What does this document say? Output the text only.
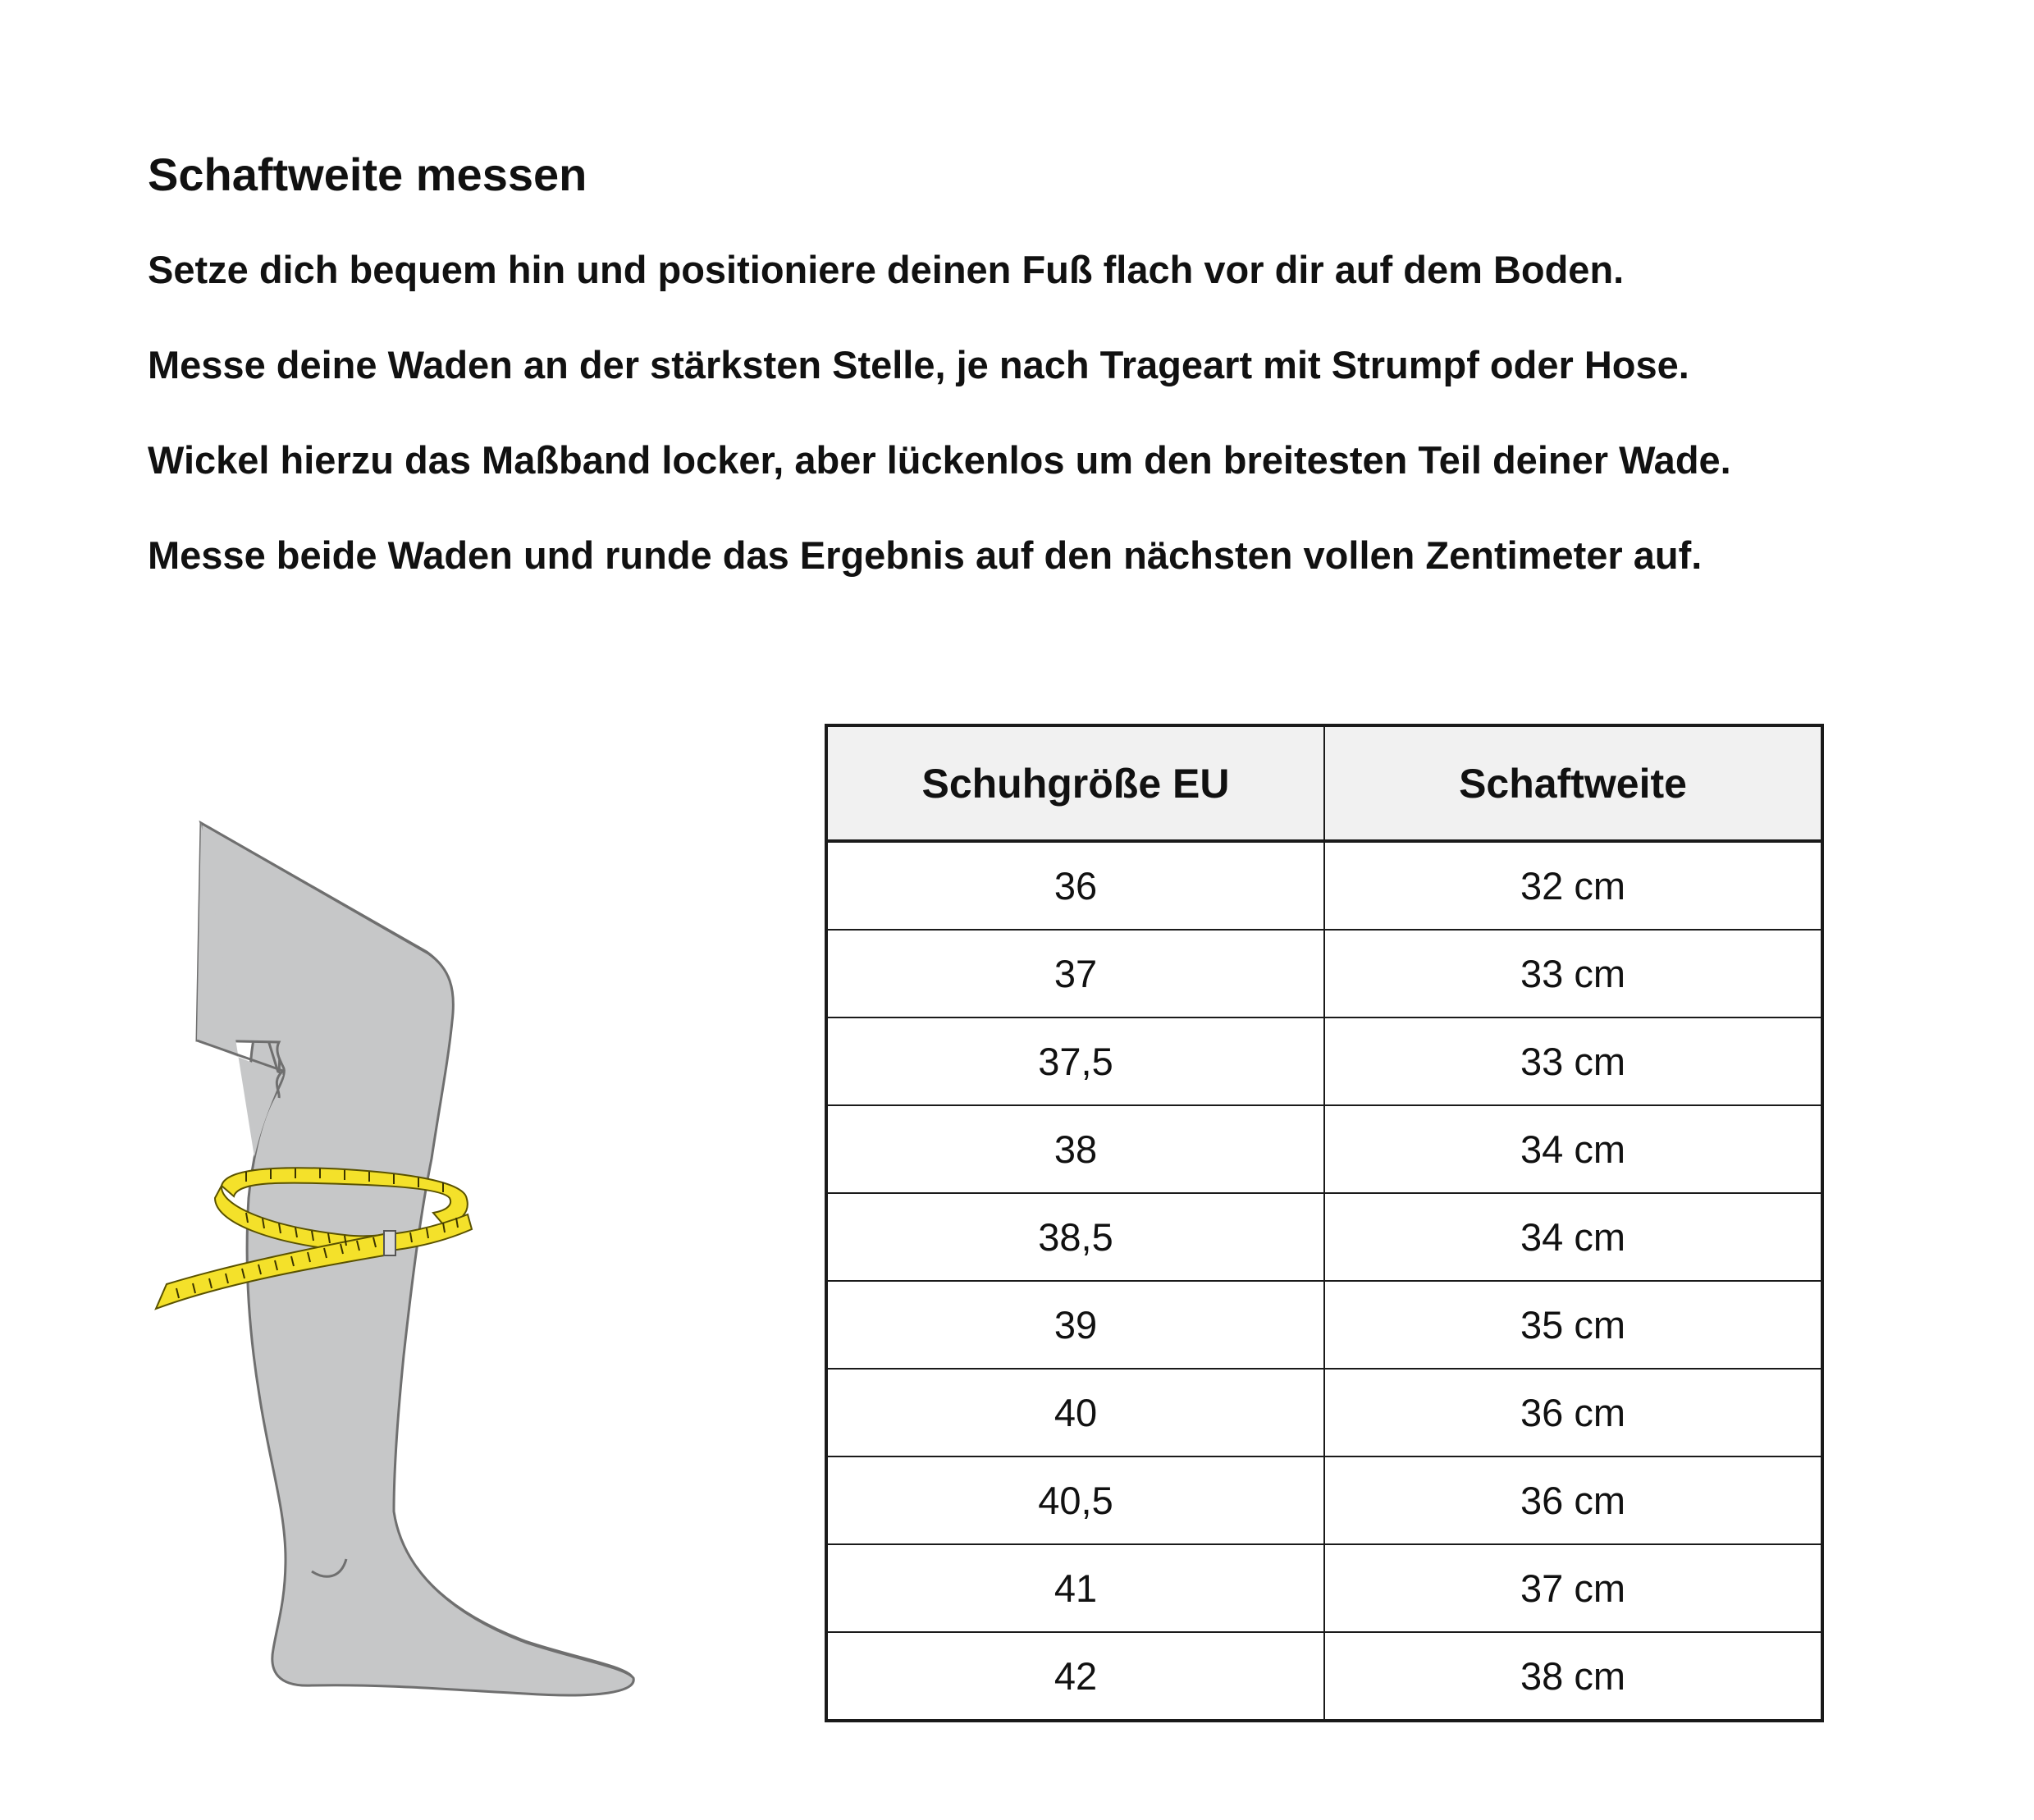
Schaftweite messen
Setze dich bequem hin und positioniere deinen Fuß flach vor dir auf dem Boden.
Messe deine Waden an der stärksten Stelle, je nach Trageart mit Strumpf oder Hose.
Wickel hierzu das Maßband locker, aber lückenlos um den breitesten Teil deiner Wade.
Messe beide Waden und runde das Ergebnis auf den nächsten vollen Zentimeter auf.
Schuhgröße EU	Schaftweite
36	32 cm
37	33 cm
37,5	33 cm
38	34 cm
38,5	34 cm
39	35 cm
40	36 cm
40,5	36 cm
41	37 cm
42	38 cm
